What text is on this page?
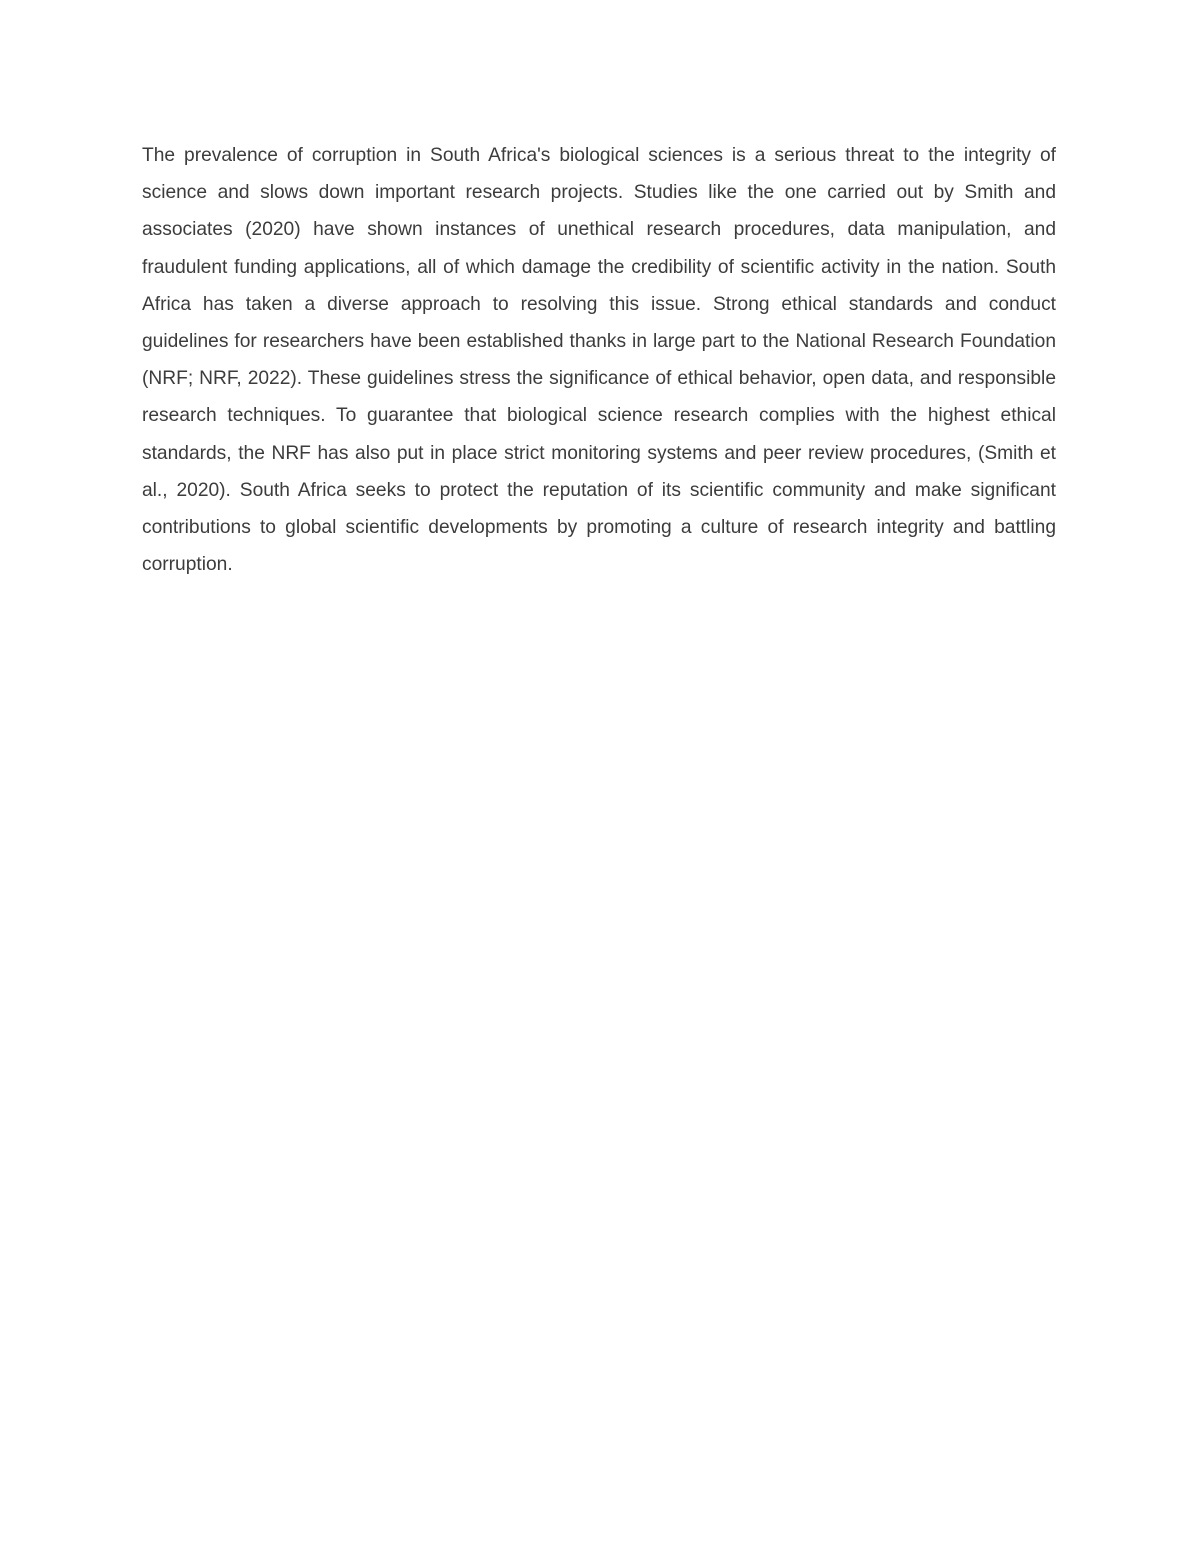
The prevalence of corruption in South Africa's biological sciences is a serious threat to the integrity of science and slows down important research projects. Studies like the one carried out by Smith and associates (2020) have shown instances of unethical research procedures, data manipulation, and fraudulent funding applications, all of which damage the credibility of scientific activity in the nation. South Africa has taken a diverse approach to resolving this issue. Strong ethical standards and conduct guidelines for researchers have been established thanks in large part to the National Research Foundation (NRF; NRF, 2022). These guidelines stress the significance of ethical behavior, open data, and responsible research techniques. To guarantee that biological science research complies with the highest ethical standards, the NRF has also put in place strict monitoring systems and peer review procedures, (Smith et al., 2020). South Africa seeks to protect the reputation of its scientific community and make significant contributions to global scientific developments by promoting a culture of research integrity and battling corruption.
